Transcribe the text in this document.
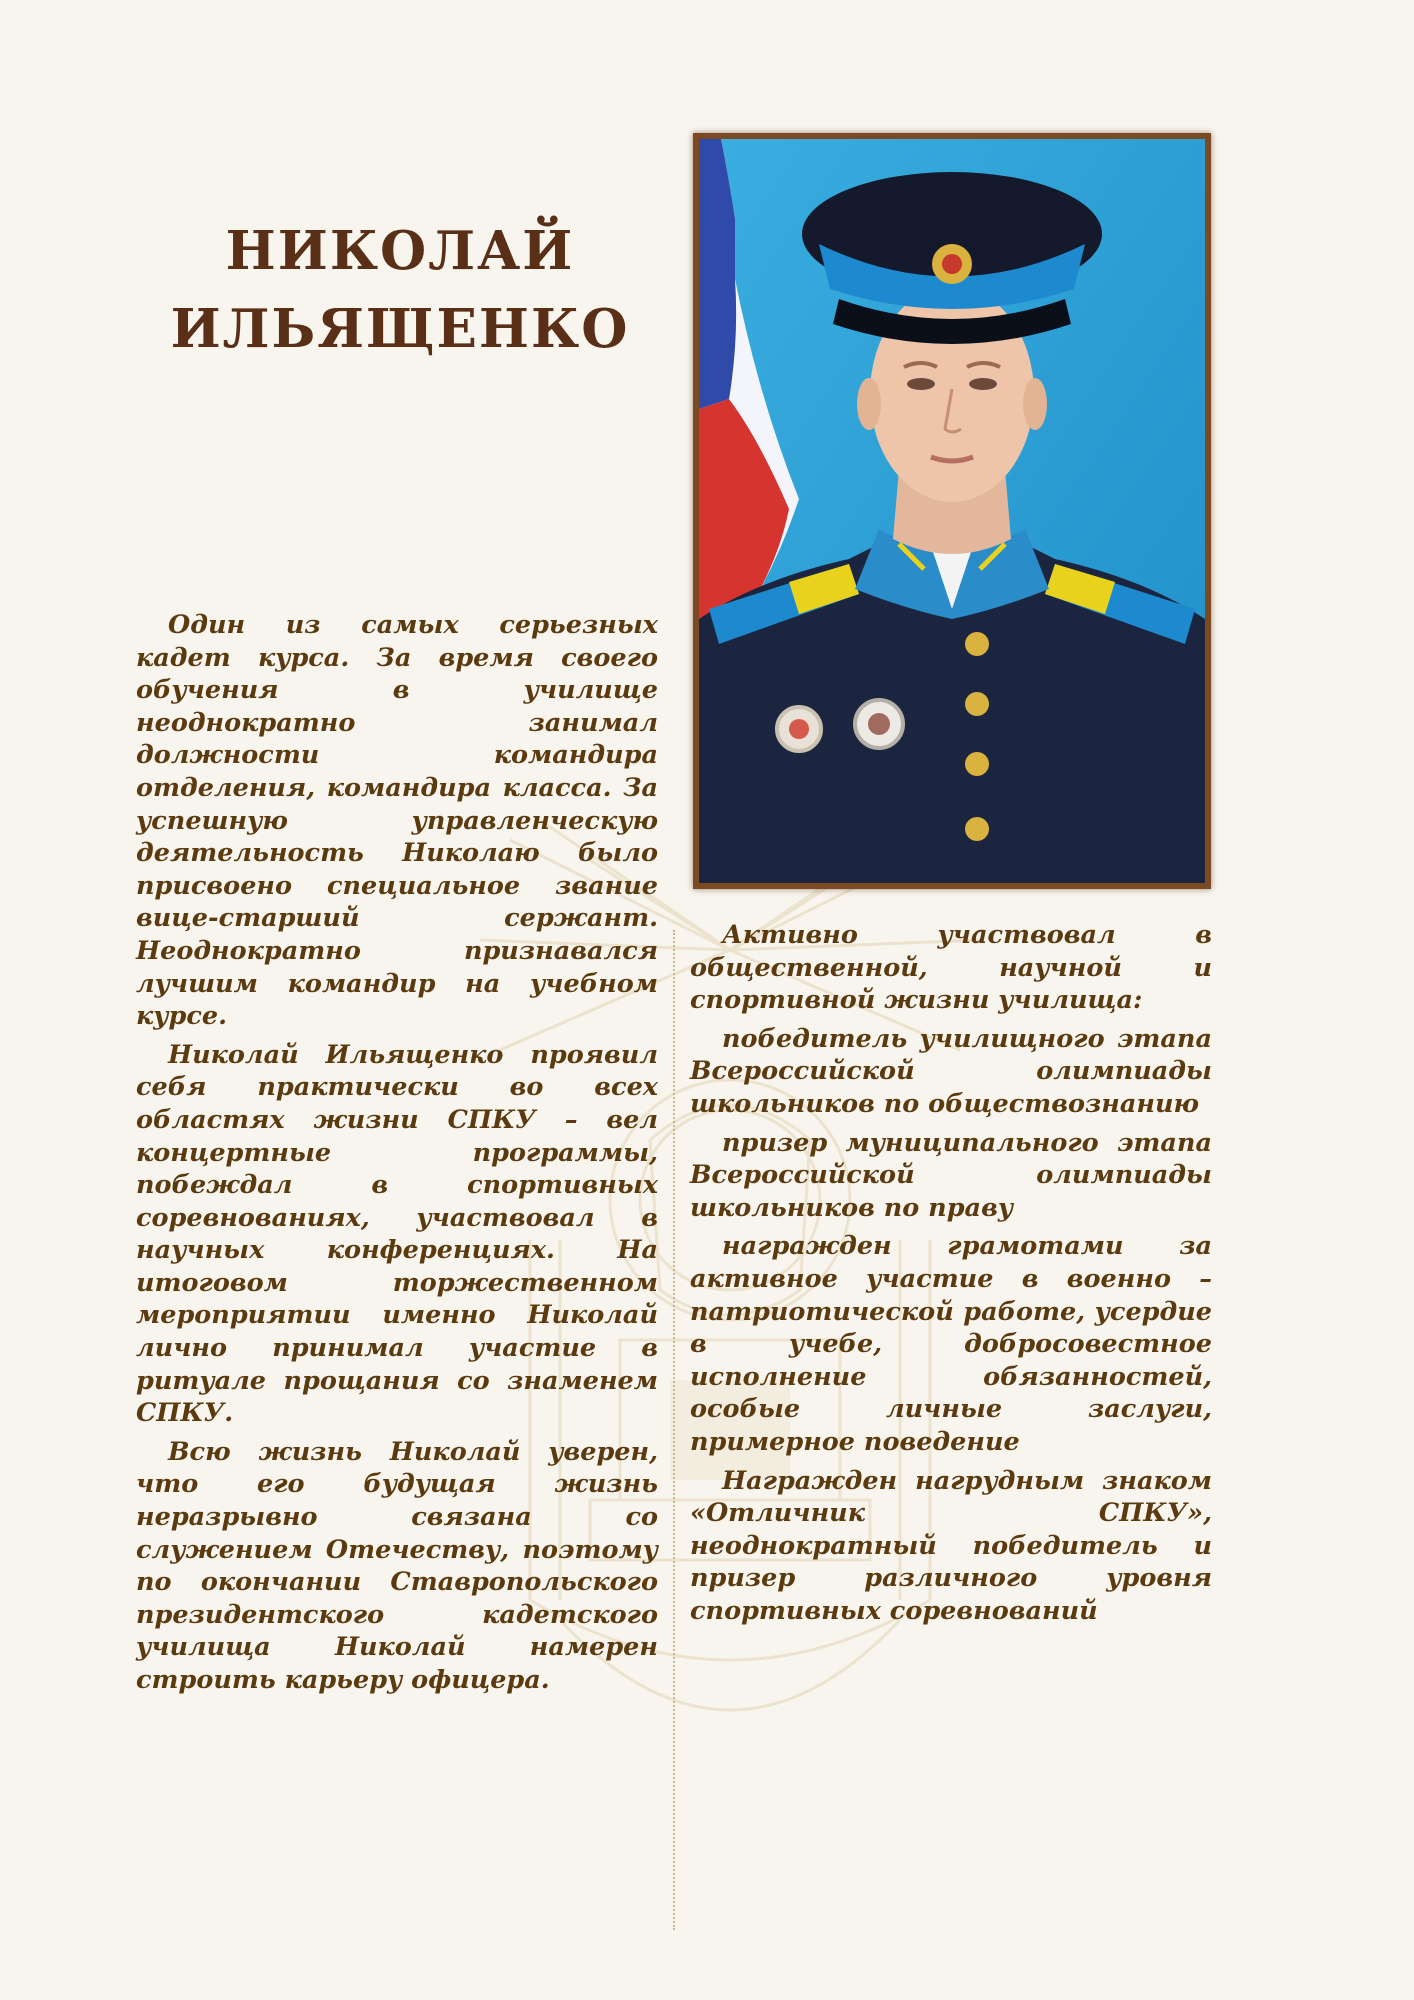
НИКОЛАЙ
ИЛЬЯЩЕНКО

Один из самых серьезных кадет курса. За время своего обучения в училище неоднократно занимал должности командира отделения, командира класса. За успешную управленческую деятельность Николаю было присвоено специальное звание вице-старший сержант. Неоднократно признавался лучшим командир на учебном курсе.

Николай Ильященко проявил себя практически во всех областях жизни СПКУ – вел концертные программы, побеждал в спортивных соревнованиях, участвовал в научных конференциях. На итоговом торжественном мероприятии именно Николай лично принимал участие в ритуале прощания со знаменем СПКУ.

Всю жизнь Николай уверен, что его будущая жизнь неразрывно связана со служением Отечеству, поэтому по окончании Ставропольского президентского кадетского училища Николай намерен строить карьеру офицера.

Активно участвовал в общественной, научной и спортивной жизни училища:

победитель училищного этапа Всероссийской олимпиады школьников по обществознанию

призер муниципального этапа Всероссийской олимпиады школьников по праву

награжден грамотами за активное участие в военно – патриотической работе, усердие в учебе, добросовестное исполнение обязанностей, особые личные заслуги, примерное поведение

Награжден нагрудным знаком «Отличник СПКУ», неоднократный победитель и призер различного уровня спортивных соревнований
